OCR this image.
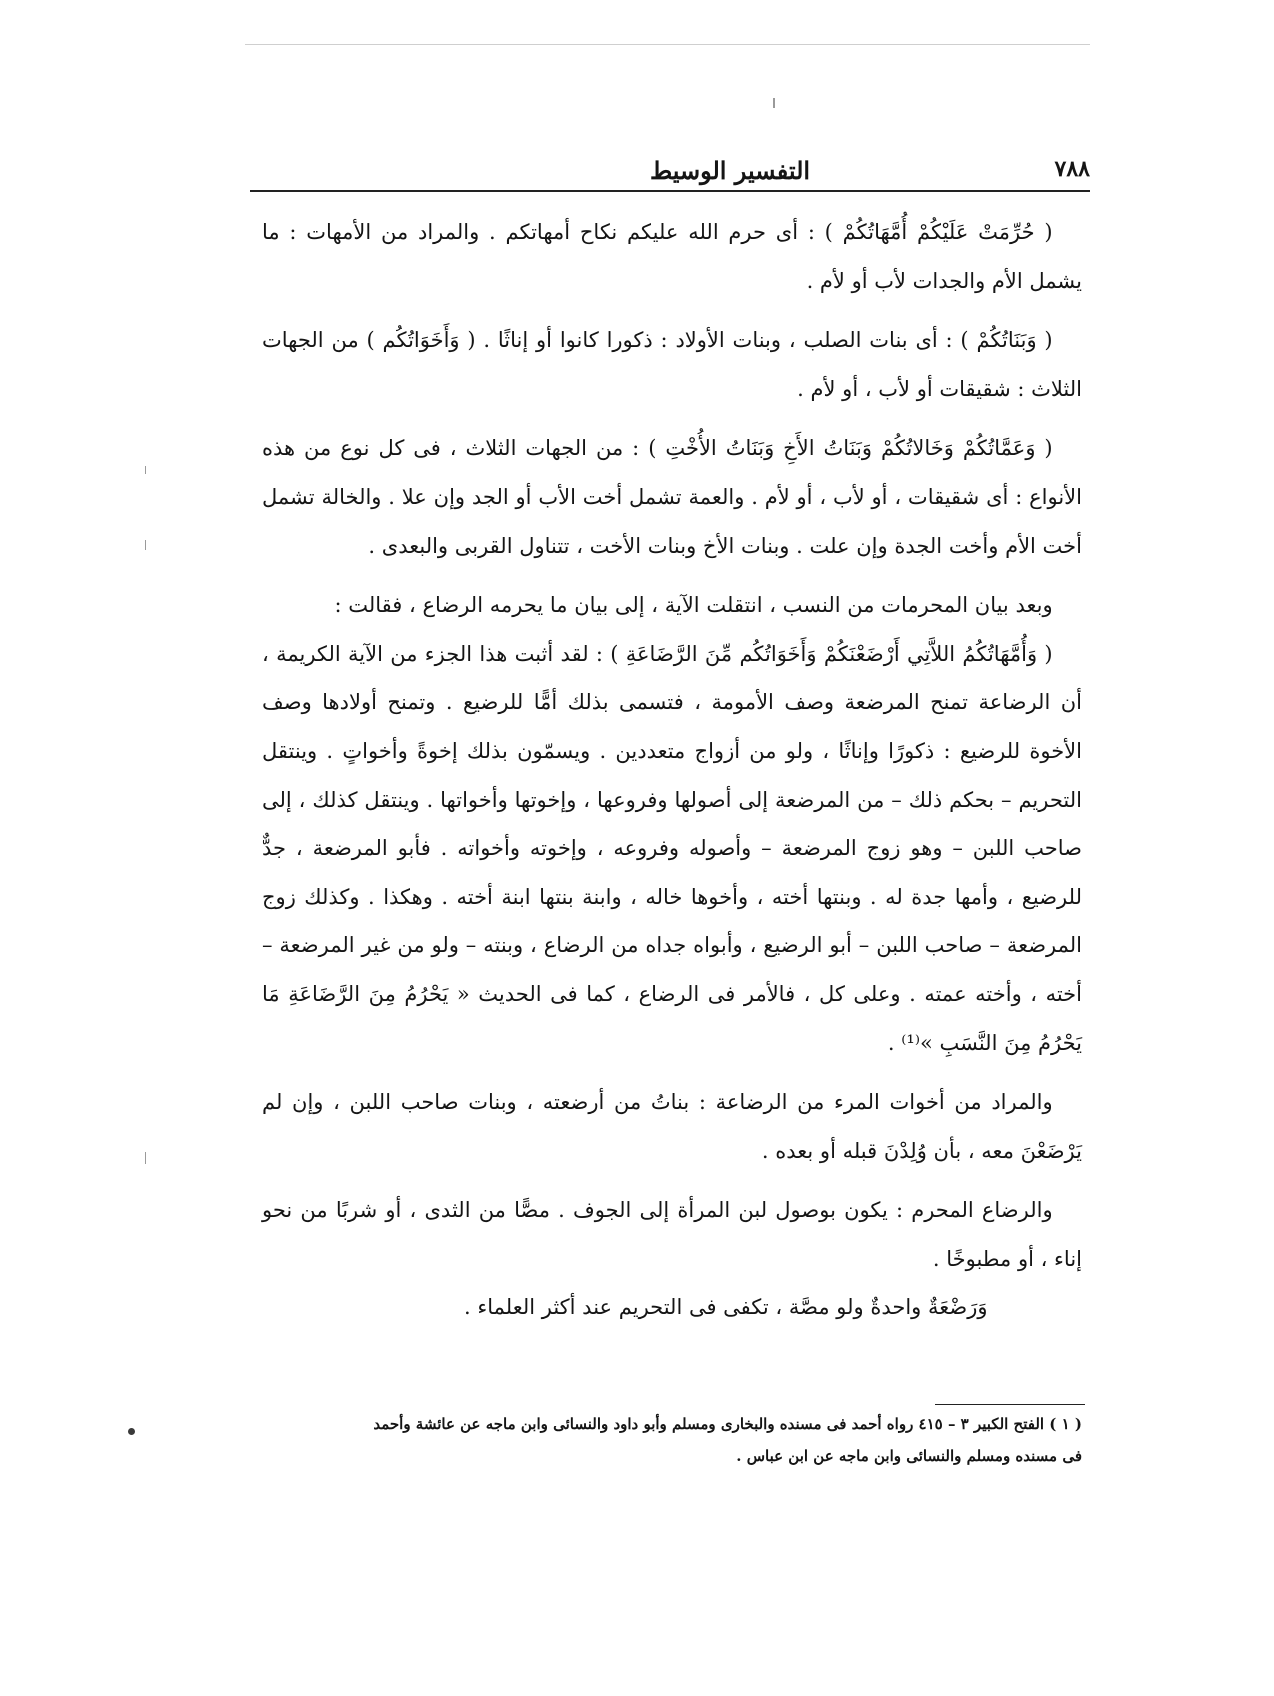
٧٨٨
التفسير الوسيط

( حُرِّمَتْ عَلَيْكُمْ أُمَّهَاتُكُمْ ) : أى حرم الله عليكم نكاح أمهاتكم . والمراد من الأمهات : ما يشمل الأم والجدات لأب أو لأم .

( وَبَنَاتُكُمْ ) : أى بنات الصلب ، وبنات الأولاد : ذكورا كانوا أو إناثًا . ( وَأَخَوَاتُكُم ) من الجهات الثلاث : شقيقات أو لأب ، أو لأم .

( وَعَمَّاتُكُمْ وَخَالاتُكُمْ وَبَنَاتُ الأَخِ وَبَنَاتُ الأُخْتِ ) : من الجهات الثلاث ، فى كل نوع من هذه الأنواع : أى شقيقات ، أو لأب ، أو لأم . والعمة تشمل أخت الأب أو الجد وإن علا . والخالة تشمل أخت الأم وأخت الجدة وإن علت . وبنات الأخ وبنات الأخت ، تتناول القربى والبعدى .

وبعد بيان المحرمات من النسب ، انتقلت الآية ، إلى بيان ما يحرمه الرضاع ، فقالت :

( وَأُمَّهَاتُكُمُ اللاَّتِي أَرْضَعْنَكُمْ وَأَخَوَاتُكُم مِّنَ الرَّضَاعَةِ ) : لقد أثبت هذا الجزء من الآية الكريمة ، أن الرضاعة تمنح المرضعة وصف الأمومة ، فتسمى بذلك أمًّا للرضيع . وتمنح أولادها وصف الأخوة للرضيع : ذكورًا وإناثًا ، ولو من أزواج متعددين . ويسمّون بذلك إخوةً وأخواتٍ . وينتقل التحريم – بحكم ذلك – من المرضعة إلى أصولها وفروعها ، وإخوتها وأخواتها . وينتقل كذلك ، إلى صاحب اللبن – وهو زوج المرضعة – وأصوله وفروعه ، وإخوته وأخواته . فأبو المرضعة ، جدٌّ للرضيع ، وأمها جدة له . وبنتها أخته ، وأخوها خاله ، وابنة بنتها ابنة أخته . وهكذا . وكذلك زوج المرضعة – صاحب اللبن – أبو الرضيع ، وأبواه جداه من الرضاع ، وبنته – ولو من غير المرضعة – أخته ، وأخته عمته . وعلى كل ، فالأمر فى الرضاع ، كما فى الحديث « يَحْرُمُ مِنَ الرَّضَاعَةِ مَا يَحْرُمُ مِنَ النَّسَبِ »⁽¹⁾ .

والمراد من أخوات المرء من الرضاعة : بناتُ من أرضعته ، وبنات صاحب اللبن ، وإن لم يَرْضَعْنَ معه ، بأن وُلِدْنَ قبله أو بعده .

والرضاع المحرم : يكون بوصول لبن المرأة إلى الجوف . مصًّا من الثدى ، أو شربًا من نحو إناء ، أو مطبوخًا .

وَرَضْعَةٌ واحدةٌ ولو مصَّة ، تكفى فى التحريم عند أكثر العلماء .

( ١ ) الفتح الكبير ٣ – ٤١٥ رواه أحمد فى مسنده والبخارى ومسلم وأبو داود والنسائى وابن ماجه عن عائشة وأحمد

فى مسنده ومسلم والنسائى وابن ماجه عن ابن عباس .
